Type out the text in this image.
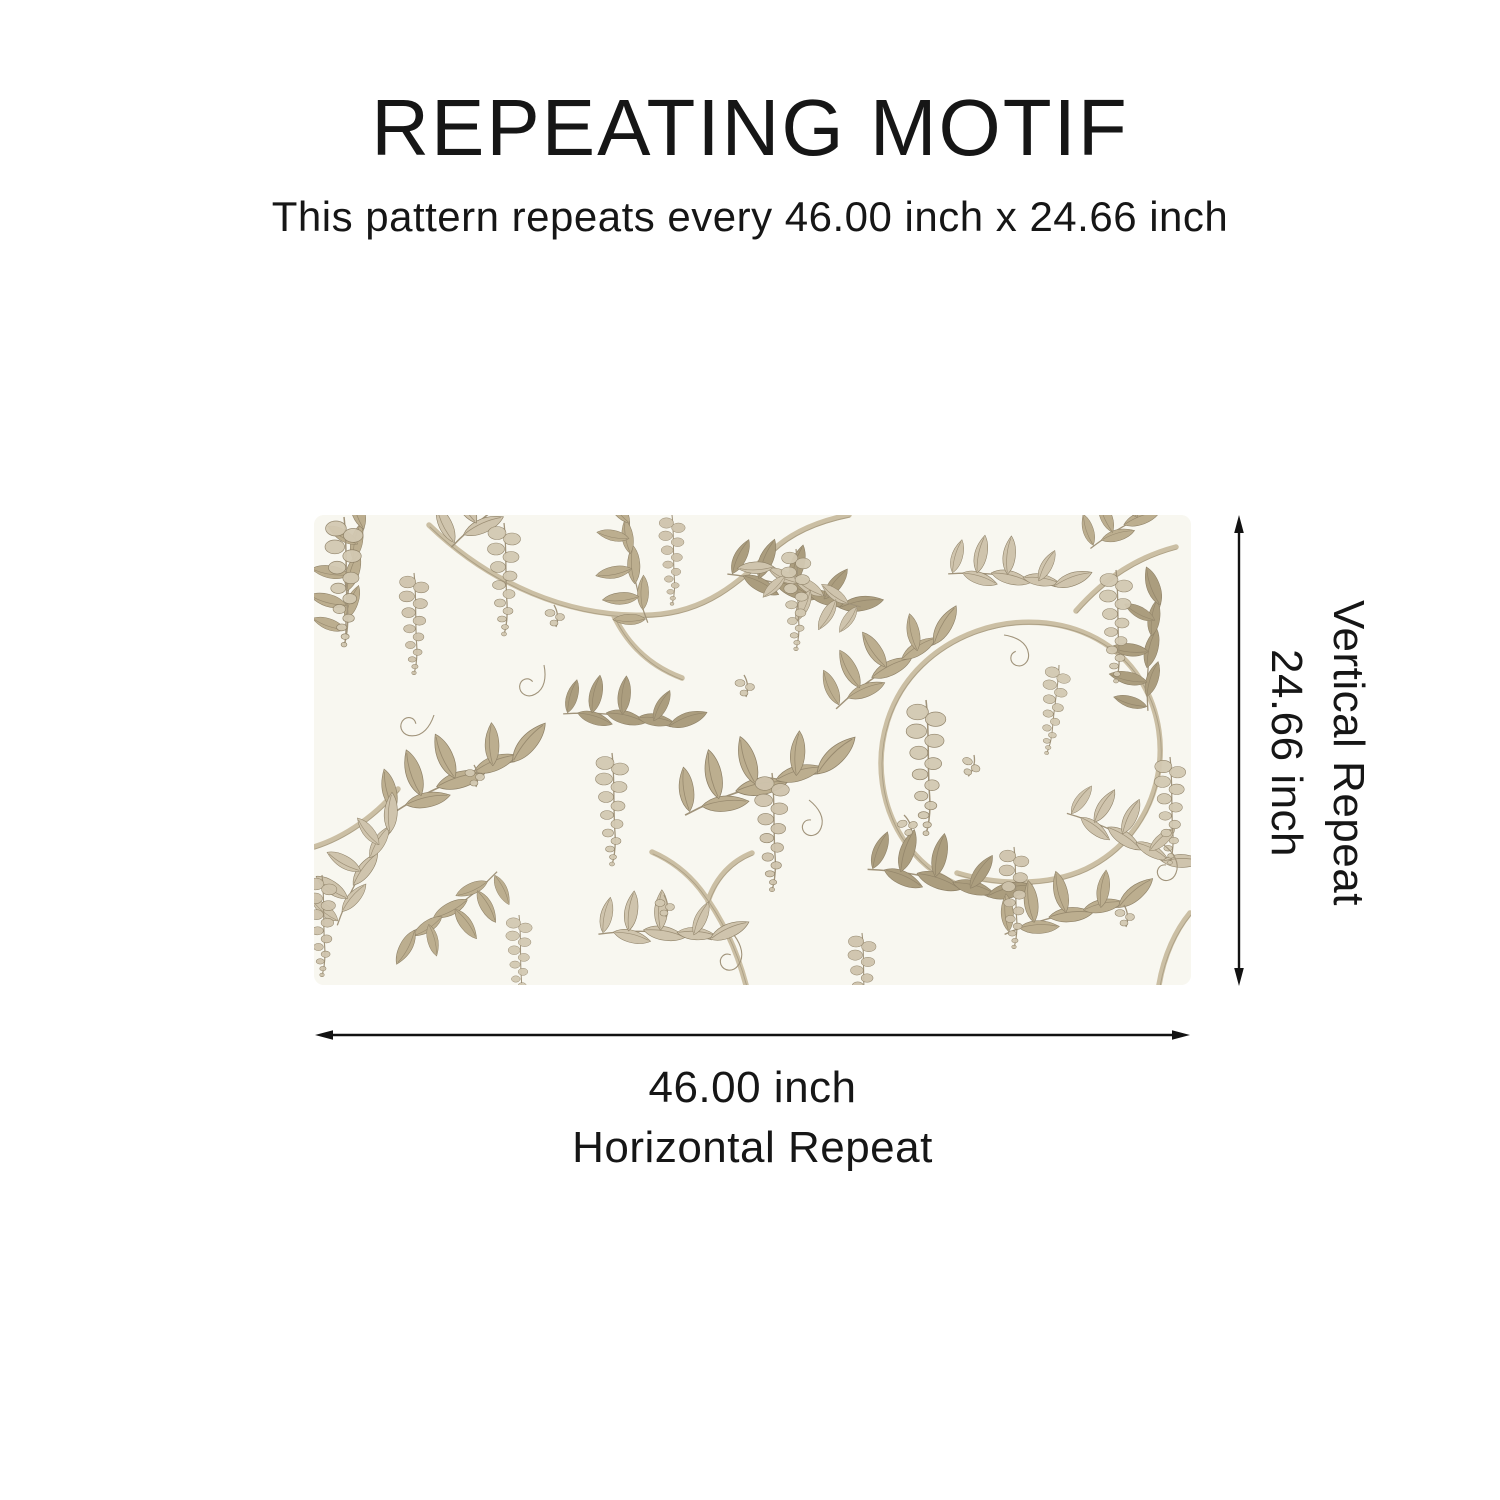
REPEATING MOTIF
This pattern repeats every 46.00 inch x 24.66 inch
46.00 inch
Horizontal Repeat
Vertical Repeat
24.66 inch
